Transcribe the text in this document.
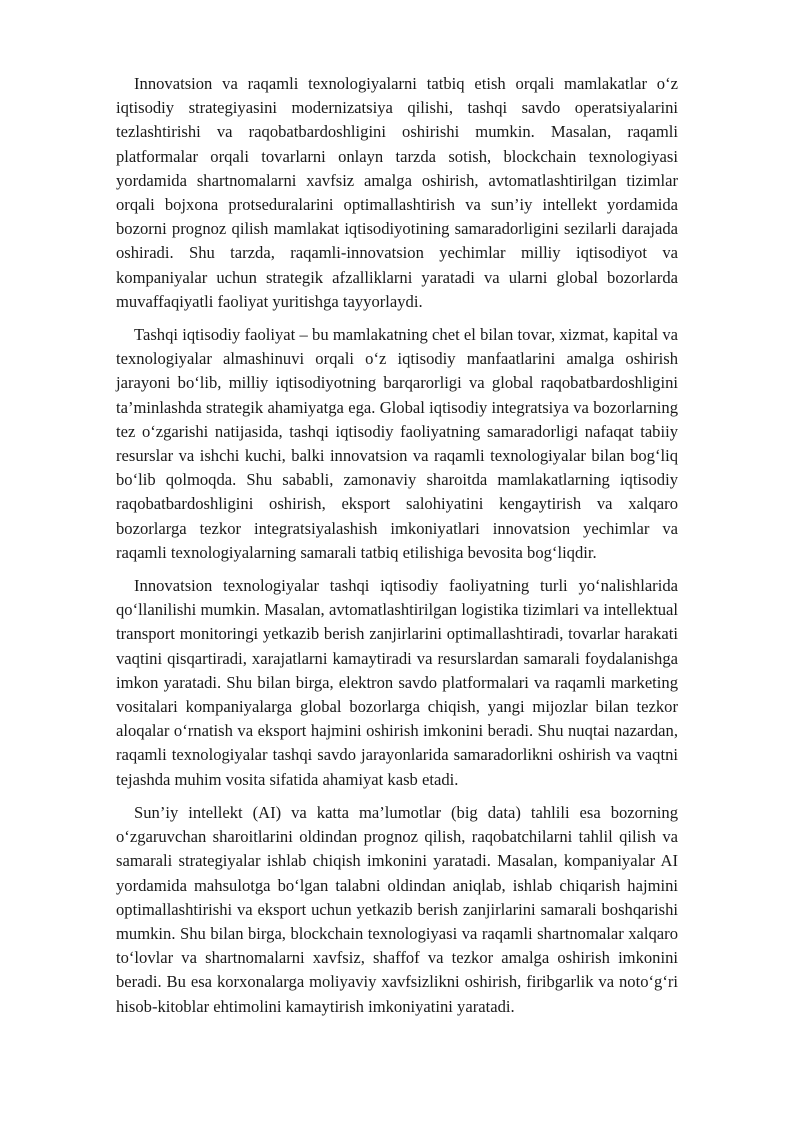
Innovatsion va raqamli texnologiyalarni tatbiq etish orqali mamlakatlar o‘z iqtisodiy strategiyasini modernizatsiya qilishi, tashqi savdo operatsiyalarini tezlashtirishi va raqobatbardoshligini oshirishi mumkin. Masalan, raqamli platformalar orqali tovarlarni onlayn tarzda sotish, blockchain texnologiyasi yordamida shartnomalarni xavfsiz amalga oshirish, avtomatlashtirilgan tizimlar orqali bojxona protseduralarini optimallashtirish va sun’iy intellekt yordamida bozorni prognoz qilish mamlakat iqtisodiyotining samaradorligini sezilarli darajada oshiradi. Shu tarzda, raqamli-innovatsion yechimlar milliy iqtisodiyot va kompaniyalar uchun strategik afzalliklarni yaratadi va ularni global bozorlarda muvaffaqiyatli faoliyat yuritishga tayyorlaydi.

Tashqi iqtisodiy faoliyat – bu mamlakatning chet el bilan tovar, xizmat, kapital va texnologiyalar almashinuvi orqali o‘z iqtisodiy manfaatlarini amalga oshirish jarayoni bo‘lib, milliy iqtisodiyotning barqarorligi va global raqobatbardoshligini ta’minlashda strategik ahamiyatga ega. Global iqtisodiy integratsiya va bozorlarning tez o‘zgarishi natijasida, tashqi iqtisodiy faoliyatning samaradorligi nafaqat tabiiy resurslar va ishchi kuchi, balki innovatsion va raqamli texnologiyalar bilan bog‘liq bo‘lib qolmoqda. Shu sababli, zamonaviy sharoitda mamlakatlarning iqtisodiy raqobatbardoshligini oshirish, eksport salohiyatini kengaytirish va xalqaro bozorlarga tezkor integratsiyalashish imkoniyatlari innovatsion yechimlar va raqamli texnologiyalarning samarali tatbiq etilishiga bevosita bog‘liqdir.

Innovatsion texnologiyalar tashqi iqtisodiy faoliyatning turli yo‘nalishlarida qo‘llanilishi mumkin. Masalan, avtomatlashtirilgan logistika tizimlari va intellektual transport monitoringi yetkazib berish zanjirlarini optimallashtiradi, tovarlar harakati vaqtini qisqartiradi, xarajatlarni kamaytiradi va resurslardan samarali foydalanishga imkon yaratadi. Shu bilan birga, elektron savdo platformalari va raqamli marketing vositalari kompaniyalarga global bozorlarga chiqish, yangi mijozlar bilan tezkor aloqalar o‘rnatish va eksport hajmini oshirish imkonini beradi. Shu nuqtai nazardan, raqamli texnologiyalar tashqi savdo jarayonlarida samaradorlikni oshirish va vaqtni tejashda muhim vosita sifatida ahamiyat kasb etadi.

Sun’iy intellekt (AI) va katta ma’lumotlar (big data) tahlili esa bozorning o‘zgaruvchan sharoitlarini oldindan prognoz qilish, raqobatchilarni tahlil qilish va samarali strategiyalar ishlab chiqish imkonini yaratadi. Masalan, kompaniyalar AI yordamida mahsulotga bo‘lgan talabni oldindan aniqlab, ishlab chiqarish hajmini optimallashtirishi va eksport uchun yetkazib berish zanjirlarini samarali boshqarishi mumkin. Shu bilan birga, blockchain texnologiyasi va raqamli shartnomalar xalqaro to‘lovlar va shartnomalarni xavfsiz, shaffof va tezkor amalga oshirish imkonini beradi. Bu esa korxonalarga moliyaviy xavfsizlikni oshirish, firibgarlik va noto‘g‘ri hisob-kitoblar ehtimolini kamaytirish imkoniyatini yaratadi.
